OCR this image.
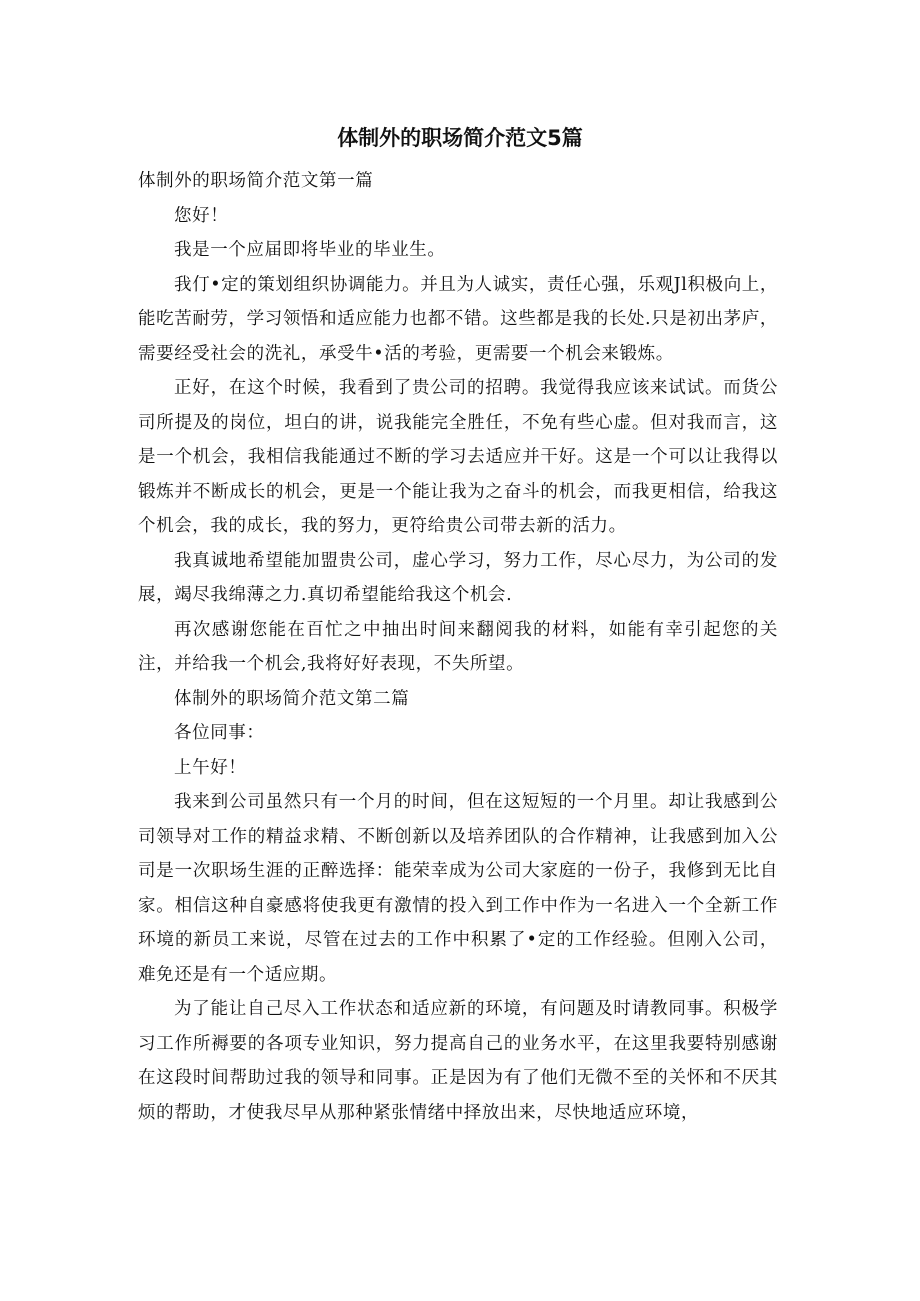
体制外的职场简介范文5篇

体制外的职场简介范文第一篇

您好！

我是一个应届即将毕业的毕业生。

我仃•定的策划组织协调能力。并且为人诚实，责任心强，乐观Jl积极向上，能吃苦耐劳，学习领悟和适应能力也都不错。这些都是我的长处.只是初出茅庐，需要经受社会的洗礼，承受牛•活的考验，更需要一个机会来锻炼。

正好，在这个时候，我看到了贵公司的招聘。我觉得我应该来试试。而货公司所提及的岗位，坦白的讲，说我能完全胜任，不免有些心虚。但对我而言，这是一个机会，我相信我能通过不断的学习去适应并干好。这是一个可以让我得以锻炼并不断成长的机会，更是一个能让我为之奋斗的机会，而我更相信，给我这个机会，我的成长，我的努力，更符给贵公司带去新的活力。

我真诚地希望能加盟贵公司，虚心学习，努力工作，尽心尽力，为公司的发展，竭尽我绵薄之力.真切希望能给我这个机会.

再次感谢您能在百忙之中抽出时间来翻阅我的材料，如能有幸引起您的关注，并给我一个机会,我将好好表现，不失所望。

体制外的职场简介范文第二篇

各位同事：

上午好！

我来到公司虽然只有一个月的时间，但在这短短的一个月里。却让我感到公司领导对工作的精益求精、不断创新以及培养团队的合作精神，让我感到加入公司是一次职场生涯的正醉选择：能荣幸成为公司大家庭的一份子，我修到无比自家。相信这种自豪感将使我更有激情的投入到工作中作为一名进入一个全新工作环境的新员工来说，尽管在过去的工作中积累了•定的工作经验。但刚入公司，难免还是有一个适应期。

为了能让自己尽入工作状态和适应新的环境，有问题及时请教同事。积极学习工作所褥要的各项专业知识，努力提高自己的业务水平，在这里我要特别感谢在这段时间帮助过我的领导和同事。正是因为有了他们无微不至的关怀和不厌其烦的帮助，才使我尽早从那种紧张情绪中择放出来，尽快地适应环境，
